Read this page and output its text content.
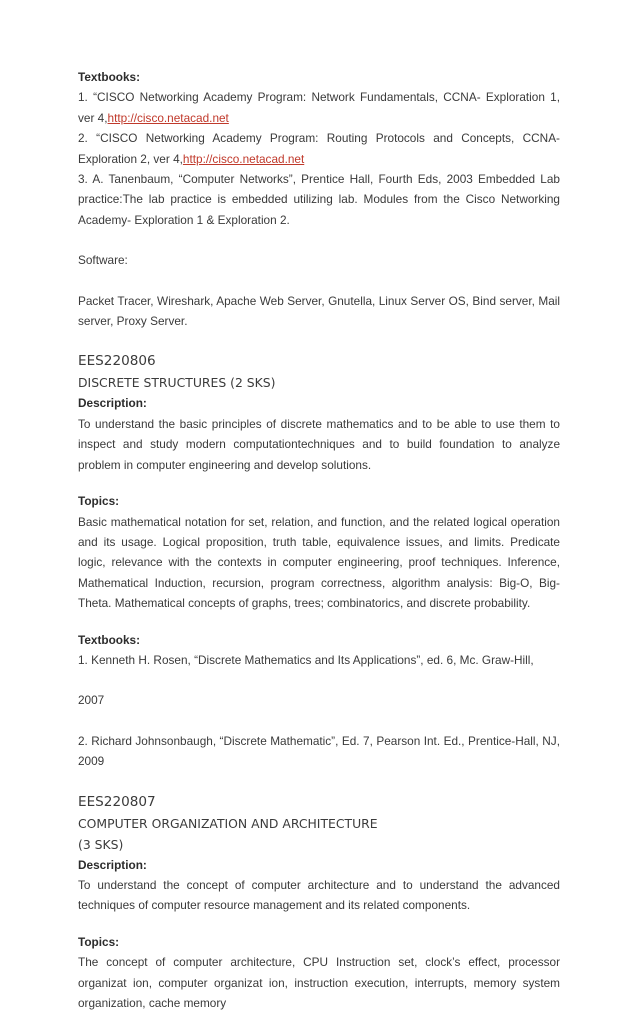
Textbooks:

1. “CISCO Networking Academy Program: Network Fundamentals, CCNA- Exploration 1, ver 4,http://cisco.netacad.net

2. “CISCO Networking Academy Program: Routing Protocols and Concepts, CCNA- Exploration 2, ver 4,http://cisco.netacad.net

3. A. Tanenbaum, “Computer Networks”, Prentice Hall, Fourth Eds, 2003 Embedded Lab practice:The lab practice is embedded utilizing lab. Modules from the Cisco Networking Academy- Exploration 1 & Exploration 2.

Software:

Packet Tracer, Wireshark, Apache Web Server, Gnutella, Linux Server OS, Bind server, Mail server, Proxy Server.

EES220806

DISCRETE STRUCTURES (2 SKS)

Description:

To understand the basic principles of discrete mathematics and to be able to use them to inspect and study modern computationtechniques and to build foundation to analyze problem in computer engineering and develop solutions.

Topics:

Basic mathematical notation for set, relation, and function, and the related logical operation and its usage. Logical proposition, truth table, equivalence issues, and limits. Predicate logic, relevance with the contexts in computer engineering, proof techniques. Inference, Mathematical Induction, recursion, program correctness, algorithm analysis: Big-O, Big- Theta. Mathematical concepts of graphs, trees; combinatorics, and discrete probability.

Textbooks:

1. Kenneth H. Rosen, “Discrete Mathematics and Its Applications”, ed. 6, Mc. Graw-Hill,

2007

2. Richard Johnsonbaugh, “Discrete Mathematic”, Ed. 7, Pearson Int. Ed., Prentice-Hall, NJ, 2009

EES220807

COMPUTER ORGANIZATION AND ARCHITECTURE

(3 SKS)

Description:

To understand the concept of computer architecture and to understand the advanced techniques of computer resource management and its related components.

Topics:

The concept of computer architecture, CPU Instruction set, clock’s effect, processor organizat ion, computer organizat ion, instruction execution, interrupts, memory system organization, cache memory
